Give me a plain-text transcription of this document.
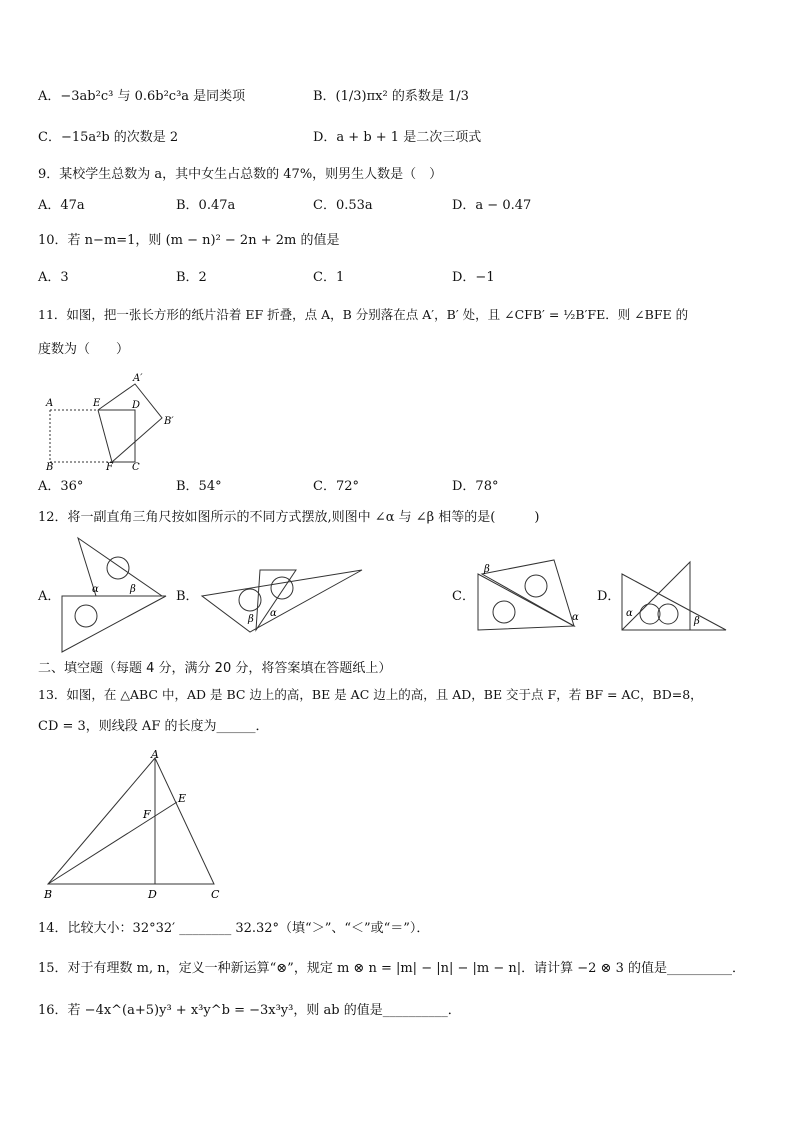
A．−3ab²c³ 与 0.6b²c³a 是同类项	B．(1/3)πx² 的系数是 1/3
C．−15a²b 的次数是 2	D．a + b + 1 是二次三项式
9．某校学生总数为 a，其中女生占总数的 47%，则男生人数是（　）
A．47a	B．0.47a	C．0.53a	D．a − 0.47
10．若 n−m=1，则 (m − n)² − 2n + 2m 的值是
A．3	B．2	C．1	D．−1
11．如图，把一张长方形的纸片沿着 EF 折叠，点 A，B 分别落在点 A′，B′ 处，且 ∠CFB′ = ½B′FE．则 ∠BFE 的
度数为（　　）
A	E	D
A′
B′
B	F C
A．36°	B．54°	C．72°	D．78°
12．将一副直角三角尺按如图所示的不同方式摆放,则图中 ∠α 与 ∠β 相等的是(　　　)
A．	α	β	B．
β
α
C．
β
α
D．
α
β
二、填空题（每题 4 分，满分 20 分，将答案填在答题纸上）
13．如图，在 △ABC 中，AD 是 BC 边上的高，BE 是 AC 边上的高，且 AD，BE 交于点 F，若 BF = AC，BD=8，
CD = 3，则线段 AF 的长度为______．
A
E
F
B	D	C
14．比较大小：32°32′ ________ 32.32°（填“＞”、“＜”或“＝”）．
15．对于有理数 m, n，定义一种新运算“⊗”，规定 m ⊗ n = |m| − |n| − |m − n|．请计算 −2 ⊗ 3 的值是__________．
16．若 −4x^(a+5)y³ + x³y^b = −3x³y³，则 ab 的值是__________．
